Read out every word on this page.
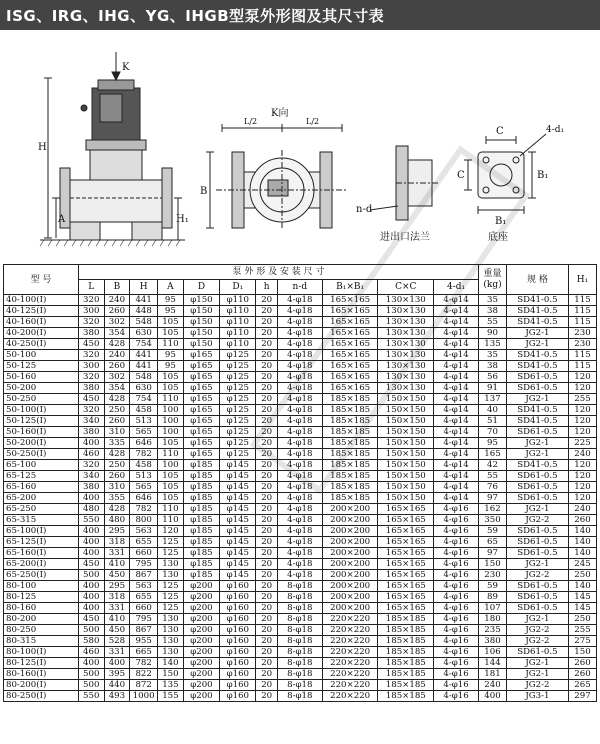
ISG、IRG、IHG、YG、IHGB型泵外形图及其尺寸表
K
K向
L/2	L/2
H
A	H₁
B
n-d
进出口法兰
C
C
4-d₁
B₁
B₁
底座
型 号	泵 外 形 及 安 装 尺 寸											重量(kg)	规 格	H₁
	L	B	H	A	D	D₁	h	n-d	B₁×B₁	C×C	4-d₁			
40-100(I)	320	240	441	95	φ150	φ110	20	4-φ18	165×165	130×130	4-φ14	35	SD41-0.5	115
40-125(I)	300	260	448	95	φ150	φ110	20	4-φ18	165×165	130×130	4-φ14	38	SD41-0.5	115
40-160(I)	320	302	548	105	φ150	φ110	20	4-φ18	165×165	130×130	4-φ14	55	SD41-0.5	115
40-200(I)	380	354	630	105	φ150	φ110	20	4-φ18	165×165	130×130	4-φ14	90	JG2-1	230
40-250(I)	450	428	754	110	φ150	φ110	20	4-φ18	165×165	130×130	4-φ14	135	JG2-1	230
50-100	320	240	441	95	φ165	φ125	20	4-φ18	165×165	130×130	4-φ14	35	SD41-0.5	115
50-125	300	260	441	95	φ165	φ125	20	4-φ18	165×165	130×130	4-φ14	38	SD41-0.5	115
50-160	320	302	548	105	φ165	φ125	20	4-φ18	165×165	130×130	4-φ14	56	SD61-0.5	120
50-200	380	354	630	105	φ165	φ125	20	4-φ18	165×165	130×130	4-φ14	91	SD61-0.5	120
50-250	450	428	754	110	φ165	φ125	20	4-φ18	185×185	150×150	4-φ14	137	JG2-1	255
50-100(I)	320	250	458	100	φ165	φ125	20	4-φ18	185×185	150×150	4-φ14	40	SD41-0.5	120
50-125(I)	340	260	513	100	φ165	φ125	20	4-φ18	185×185	150×150	4-φ14	51	SD41-0.5	120
50-160(I)	380	310	565	100	φ165	φ125	20	4-φ18	185×185	150×150	4-φ14	70	SD61-0.5	120
50-200(I)	400	335	646	105	φ165	φ125	20	4-φ18	185×185	150×150	4-φ14	95	JG2-1	225
50-250(I)	460	428	782	110	φ165	φ125	20	4-φ18	185×185	150×150	4-φ14	165	JG2-1	240
65-100	320	250	458	100	φ185	φ145	20	4-φ18	185×185	150×150	4-φ14	42	SD41-0.5	120
65-125	340	260	513	105	φ185	φ145	20	4-φ18	185×185	150×150	4-φ14	55	SD61-0.5	120
65-160	380	310	565	105	φ185	φ145	20	4-φ18	185×185	150×150	4-φ14	76	SD61-0.5	120
65-200	400	355	646	105	φ185	φ145	20	4-φ18	185×185	150×150	4-φ14	97	SD61-0.5	120
65-250	480	428	782	110	φ185	φ145	20	4-φ18	200×200	165×165	4-φ16	162	JG2-1	240
65-315	550	480	800	110	φ185	φ145	20	4-φ18	200×200	165×165	4-φ16	350	JG2-2	260
65-100(I)	400	295	563	120	φ185	φ145	20	4-φ18	200×200	165×165	4-φ16	59	SD61-0.5	140
65-125(I)	400	318	655	125	φ185	φ145	20	4-φ18	200×200	165×165	4-φ16	65	SD61-0.5	140
65-160(I)	400	331	660	125	φ185	φ145	20	4-φ18	200×200	165×165	4-φ16	97	SD61-0.5	140
65-200(I)	450	410	795	130	φ185	φ145	20	4-φ18	200×200	165×165	4-φ16	150	JG2-1	245
65-250(I)	500	450	867	130	φ185	φ145	20	4-φ18	200×200	165×165	4-φ16	230	JG2-2	250
80-100	400	295	563	125	φ200	φ160	20	8-φ18	200×200	165×165	4-φ16	59	SD61-0.5	140
80-125	400	318	655	125	φ200	φ160	20	8-φ18	200×200	165×165	4-φ16	89	SD61-0.5	145
80-160	400	331	660	125	φ200	φ160	20	8-φ18	200×200	165×165	4-φ16	107	SD61-0.5	145
80-200	450	410	795	130	φ200	φ160	20	8-φ18	220×220	185×185	4-φ16	180	JG2-1	250
80-250	500	450	867	130	φ200	φ160	20	8-φ18	220×220	185×185	4-φ16	235	JG2-2	255
80-315	580	528	955	130	φ200	φ160	20	8-φ18	220×220	185×185	4-φ16	380	JG2-2	275
80-100(I)	460	331	665	130	φ200	φ160	20	8-φ18	220×220	185×185	4-φ16	106	SD61-0.5	150
80-125(I)	400	400	782	140	φ200	φ160	20	8-φ18	220×220	185×185	4-φ16	144	JG2-1	260
80-160(I)	500	395	822	150	φ200	φ160	20	8-φ18	220×220	185×185	4-φ16	181	JG2-1	260
80-200(I)	500	440	872	135	φ200	φ160	20	8-φ18	220×220	185×185	4-φ16	240	JG2-2	265
80-250(I)	550	493	1000	155	φ200	φ160	20	8-φ18	220×220	185×185	4-φ16	400	JG3-1	297
